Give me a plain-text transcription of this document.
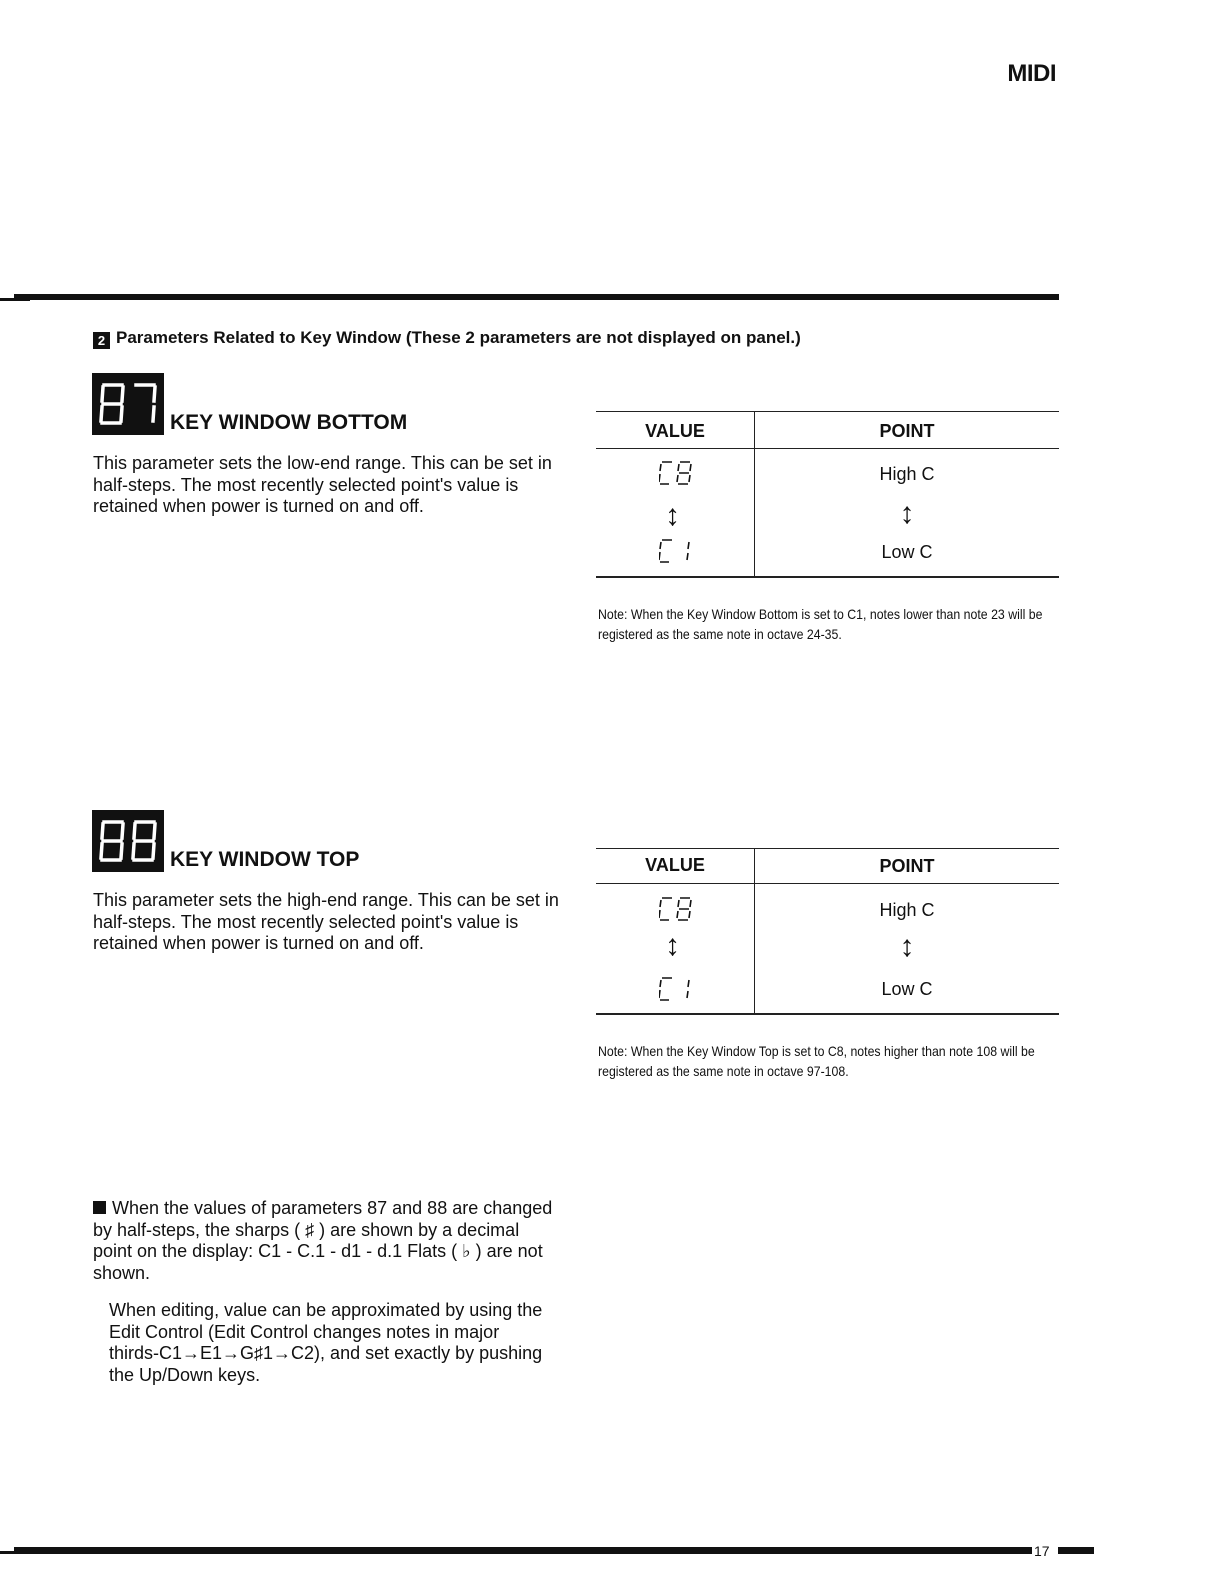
MIDI
2 Parameters Related to Key Window (These 2 parameters are not displayed on panel.)
KEY WINDOW BOTTOM
This parameter sets the low-end range. This can be set in half-steps. The most recently selected point's value is retained when power is turned on and off.
VALUE	POINT
↕
High C
↕
Low C
Note: When the Key Window Bottom is set to C1, notes lower than note 23 will be registered as the same note in octave 24-35.
KEY WINDOW TOP
This parameter sets the high-end range. This can be set in half-steps. The most recently selected point's value is retained when power is turned on and off.
VALUE	POINT
↕
High C
↕
Low C
Note: When the Key Window Top is set to C8, notes higher than note 108 will be registered as the same note in octave 97-108.
When the values of parameters 87 and 88 are changed by half-steps, the sharps ( ♯ ) are shown by a decimal point on the display: C1 - C.1 - d1 - d.1 Flats ( ♭ ) are not shown.
When editing, value can be approximated by using the Edit Control (Edit Control changes notes in major thirds-C1→E1→G♯1→C2), and set exactly by pushing the Up/Down keys.
17
